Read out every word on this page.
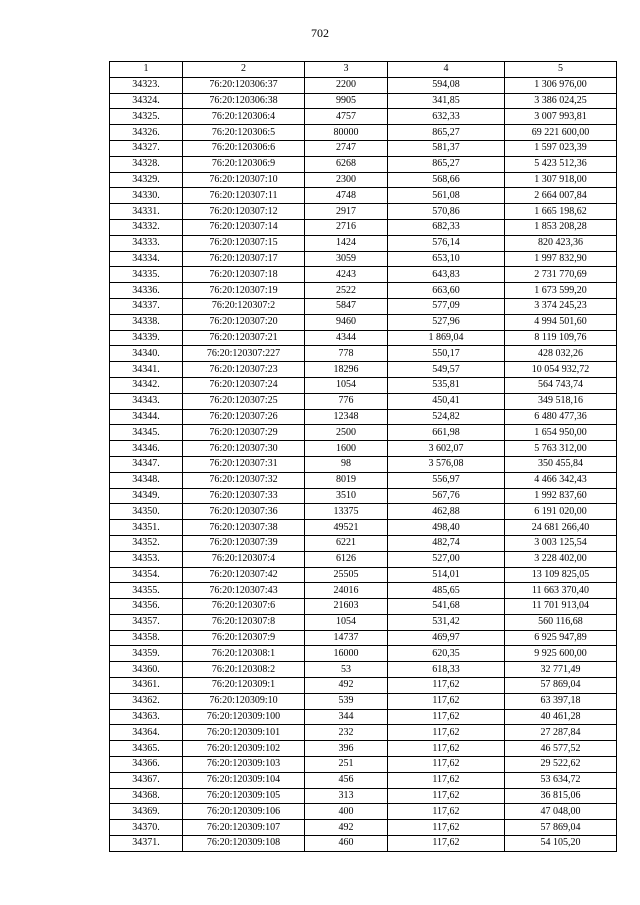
702
1	2	3	4	5
34323.	76:20:120306:37	2200	594,08	1 306 976,00
34324.	76:20:120306:38	9905	341,85	3 386 024,25
34325.	76:20:120306:4	4757	632,33	3 007 993,81
34326.	76:20:120306:5	80000	865,27	69 221 600,00
34327.	76:20:120306:6	2747	581,37	1 597 023,39
34328.	76:20:120306:9	6268	865,27	5 423 512,36
34329.	76:20:120307:10	2300	568,66	1 307 918,00
34330.	76:20:120307:11	4748	561,08	2 664 007,84
34331.	76:20:120307:12	2917	570,86	1 665 198,62
34332.	76:20:120307:14	2716	682,33	1 853 208,28
34333.	76:20:120307:15	1424	576,14	820 423,36
34334.	76:20:120307:17	3059	653,10	1 997 832,90
34335.	76:20:120307:18	4243	643,83	2 731 770,69
34336.	76:20:120307:19	2522	663,60	1 673 599,20
34337.	76:20:120307:2	5847	577,09	3 374 245,23
34338.	76:20:120307:20	9460	527,96	4 994 501,60
34339.	76:20:120307:21	4344	1 869,04	8 119 109,76
34340.	76:20:120307:227	778	550,17	428 032,26
34341.	76:20:120307:23	18296	549,57	10 054 932,72
34342.	76:20:120307:24	1054	535,81	564 743,74
34343.	76:20:120307:25	776	450,41	349 518,16
34344.	76:20:120307:26	12348	524,82	6 480 477,36
34345.	76:20:120307:29	2500	661,98	1 654 950,00
34346.	76:20:120307:30	1600	3 602,07	5 763 312,00
34347.	76:20:120307:31	98	3 576,08	350 455,84
34348.	76:20:120307:32	8019	556,97	4 466 342,43
34349.	76:20:120307:33	3510	567,76	1 992 837,60
34350.	76:20:120307:36	13375	462,88	6 191 020,00
34351.	76:20:120307:38	49521	498,40	24 681 266,40
34352.	76:20:120307:39	6221	482,74	3 003 125,54
34353.	76:20:120307:4	6126	527,00	3 228 402,00
34354.	76:20:120307:42	25505	514,01	13 109 825,05
34355.	76:20:120307:43	24016	485,65	11 663 370,40
34356.	76:20:120307:6	21603	541,68	11 701 913,04
34357.	76:20:120307:8	1054	531,42	560 116,68
34358.	76:20:120307:9	14737	469,97	6 925 947,89
34359.	76:20:120308:1	16000	620,35	9 925 600,00
34360.	76:20:120308:2	53	618,33	32 771,49
34361.	76:20:120309:1	492	117,62	57 869,04
34362.	76:20:120309:10	539	117,62	63 397,18
34363.	76:20:120309:100	344	117,62	40 461,28
34364.	76:20:120309:101	232	117,62	27 287,84
34365.	76:20:120309:102	396	117,62	46 577,52
34366.	76:20:120309:103	251	117,62	29 522,62
34367.	76:20:120309:104	456	117,62	53 634,72
34368.	76:20:120309:105	313	117,62	36 815,06
34369.	76:20:120309:106	400	117,62	47 048,00
34370.	76:20:120309:107	492	117,62	57 869,04
34371.	76:20:120309:108	460	117,62	54 105,20
